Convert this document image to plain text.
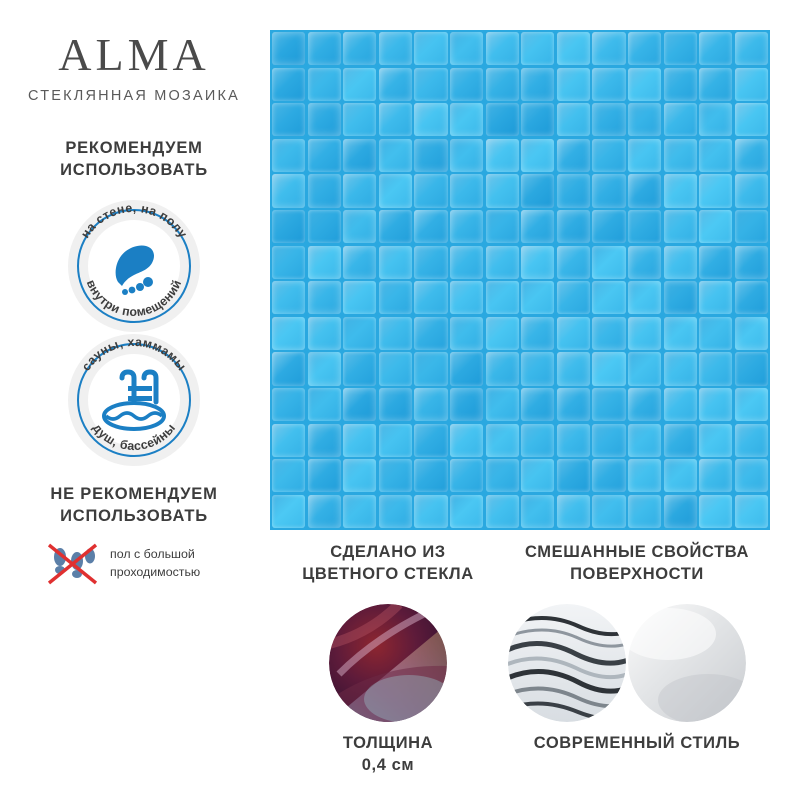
ALMA
СТЕКЛЯННАЯ МОЗАИКА
РЕКОМЕНДУЕМ
ИСПОЛЬЗОВАТЬ
на стене, на полу
внутри помещений
сауны, хаммамы
душ, бассейны
НЕ РЕКОМЕНДУЕМ
ИСПОЛЬЗОВАТЬ
пол с большой
проходимостью
СДЕЛАНО ИЗ
ЦВЕТНОГО СТЕКЛА
ТОЛЩИНА
0,4 см
СМЕШАННЫЕ СВОЙСТВА
ПОВЕРХНОСТИ
СОВРЕМЕННЫЙ СТИЛЬ
